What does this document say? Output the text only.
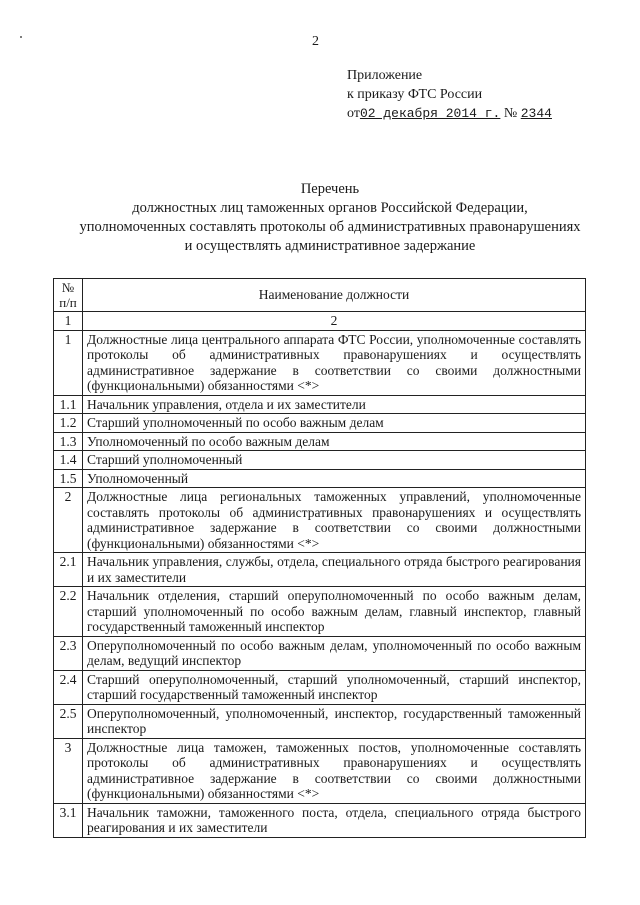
2
Приложение
к приказу ФТС России
от02 декабря 2014 г. № 2344
Перечень
должностных лиц таможенных органов Российской Федерации,
уполномоченных составлять протоколы об административных правонарушениях
и осуществлять административное задержание
№ п/п	Наименование должности
1	2
1	Должностные лица центрального аппарата ФТС России, уполномоченные составлять протоколы об административных правонарушениях и осуществлять административное задержание в соответствии со своими должностными (функциональными) обязанностями <*>
1.1	Начальник управления, отдела и их заместители
1.2	Старший уполномоченный по особо важным делам
1.3	Уполномоченный по особо важным делам
1.4	Старший уполномоченный
1.5	Уполномоченный
2	Должностные лица региональных таможенных управлений, уполномоченные составлять протоколы об административных правонарушениях и осуществлять административное задержание в соответствии со своими должностными (функциональными) обязанностями <*>
2.1	Начальник управления, службы, отдела, специального отряда быстрого реагирования и их заместители
2.2	Начальник отделения, старший оперуполномоченный по особо важным делам, старший уполномоченный по особо важным делам, главный инспектор, главный государственный таможенный инспектор
2.3	Оперуполномоченный по особо важным делам, уполномоченный по особо важным делам, ведущий инспектор
2.4	Старший оперуполномоченный, старший уполномоченный, старший инспектор, старший государственный таможенный инспектор
2.5	Оперуполномоченный, уполномоченный, инспектор, государственный таможенный инспектор
3	Должностные лица таможен, таможенных постов, уполномоченные составлять протоколы об административных правонарушениях и осуществлять административное задержание в соответствии со своими должностными (функциональными) обязанностями <*>
3.1	Начальник таможни, таможенного поста, отдела, специального отряда быстрого реагирования и их заместители
